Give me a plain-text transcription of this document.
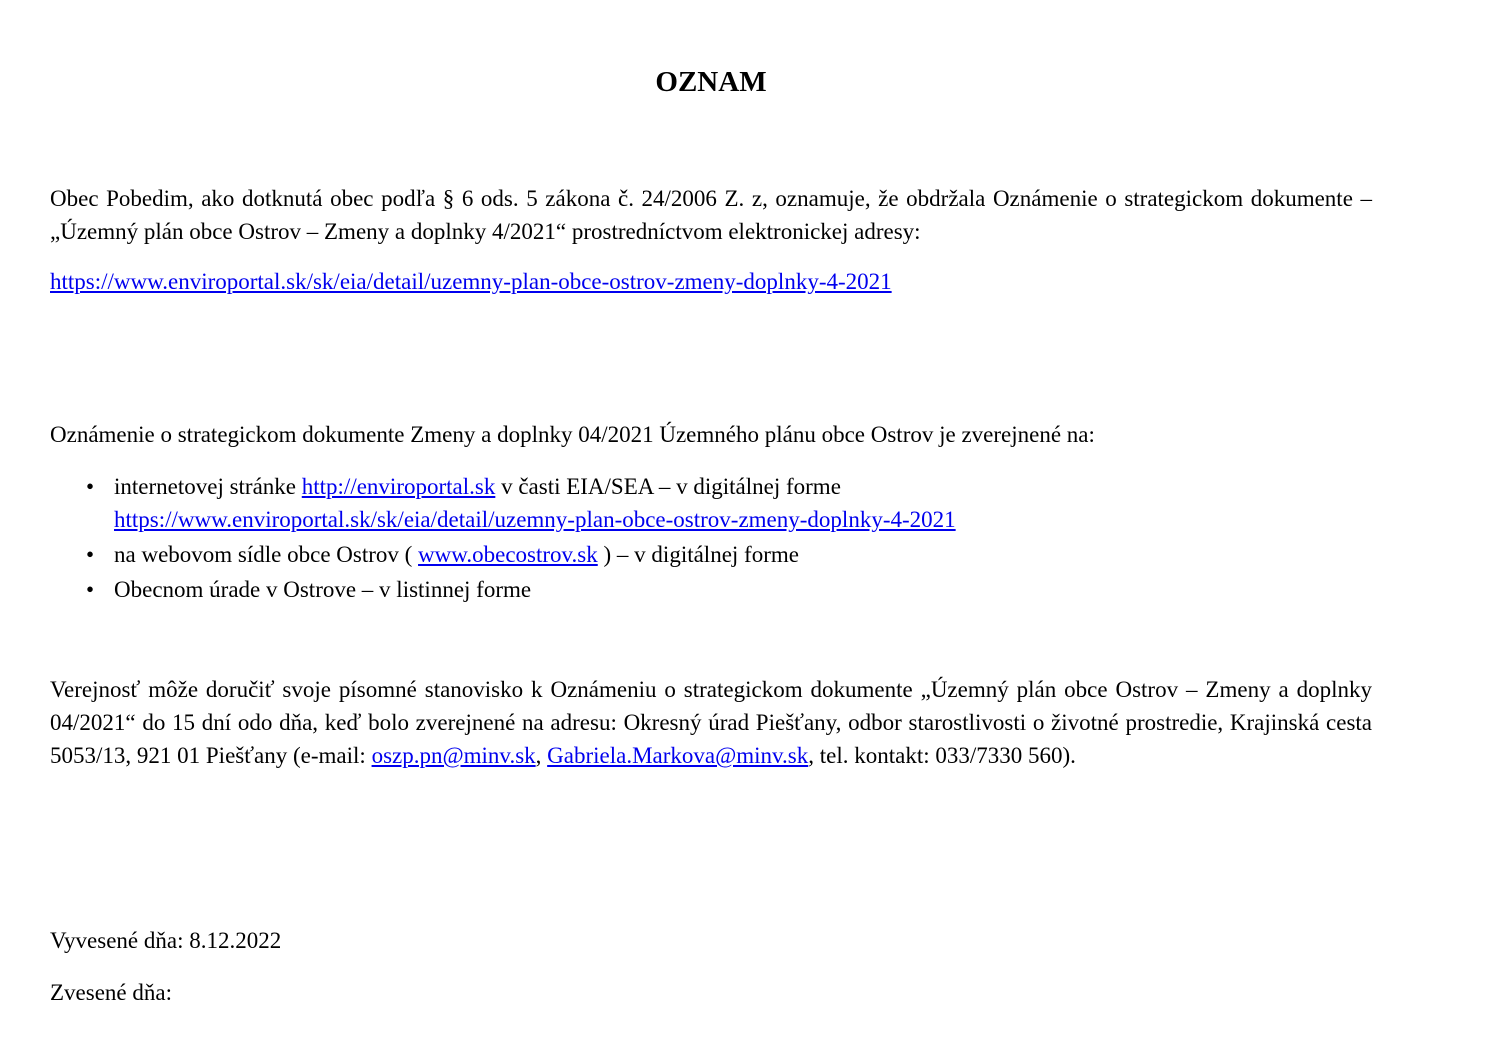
OZNAM

Obec Pobedim, ako dotknutá obec podľa § 6 ods. 5 zákona č. 24/2006 Z. z, oznamuje, že obdržala Oznámenie o strategickom dokumente – „Územný plán obce Ostrov – Zmeny a doplnky 4/2021“ prostredníctvom elektronickej adresy:

https://www.enviroportal.sk/sk/eia/detail/uzemny-plan-obce-ostrov-zmeny-doplnky-4-2021

Oznámenie o strategickom dokumente Zmeny a doplnky 04/2021 Územného plánu obce Ostrov je zverejnené na:

• internetovej stránke http://enviroportal.sk v časti EIA/SEA – v digitálnej forme
https://www.enviroportal.sk/sk/eia/detail/uzemny-plan-obce-ostrov-zmeny-doplnky-4-2021
• na webovom sídle obce Ostrov ( www.obecostrov.sk ) – v digitálnej forme
• Obecnom úrade v Ostrove – v listinnej forme

Verejnosť môže doručiť svoje písomné stanovisko k Oznámeniu o strategickom dokumente „Územný plán obce Ostrov – Zmeny a doplnky 04/2021“ do 15 dní odo dňa, keď bolo zverejnené na adresu: Okresný úrad Piešťany, odbor starostlivosti o životné prostredie, Krajinská cesta 5053/13, 921 01 Piešťany (e-mail: oszp.pn@minv.sk, Gabriela.Markova@minv.sk, tel. kontakt: 033/7330 560).

Vyvesené dňa: 8.12.2022

Zvesené dňa:
